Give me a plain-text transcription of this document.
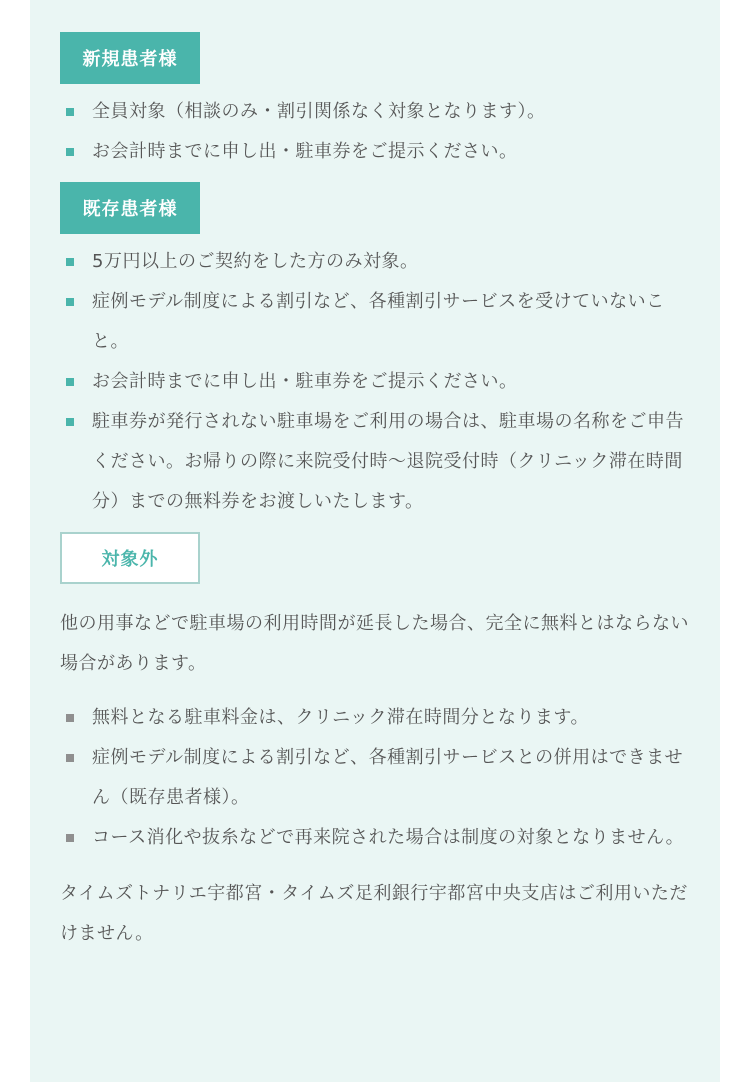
新規患者様
全員対象（相談のみ・割引関係なく対象となります）。
お会計時までに申し出・駐車券をご提示ください。
既存患者様
5万円以上のご契約をした方のみ対象。
症例モデル制度による割引など、各種割引サービスを受けていないこと。
お会計時までに申し出・駐車券をご提示ください。
駐車券が発行されない駐車場をご利用の場合は、駐車場の名称をご申告ください。お帰りの際に来院受付時〜退院受付時（クリニック滞在時間分）までの無料券をお渡しいたします。
対象外

他の用事などで駐車場の利用時間が延長した場合、完全に無料とはならない場合があります。

無料となる駐車料金は、クリニック滞在時間分となります。
症例モデル制度による割引など、各種割引サービスとの併用はできません（既存患者様）。
コース消化や抜糸などで再来院された場合は制度の対象となりません。

タイムズトナリエ宇都宮・タイムズ足利銀行宇都宮中央支店はご利用いただけません。
